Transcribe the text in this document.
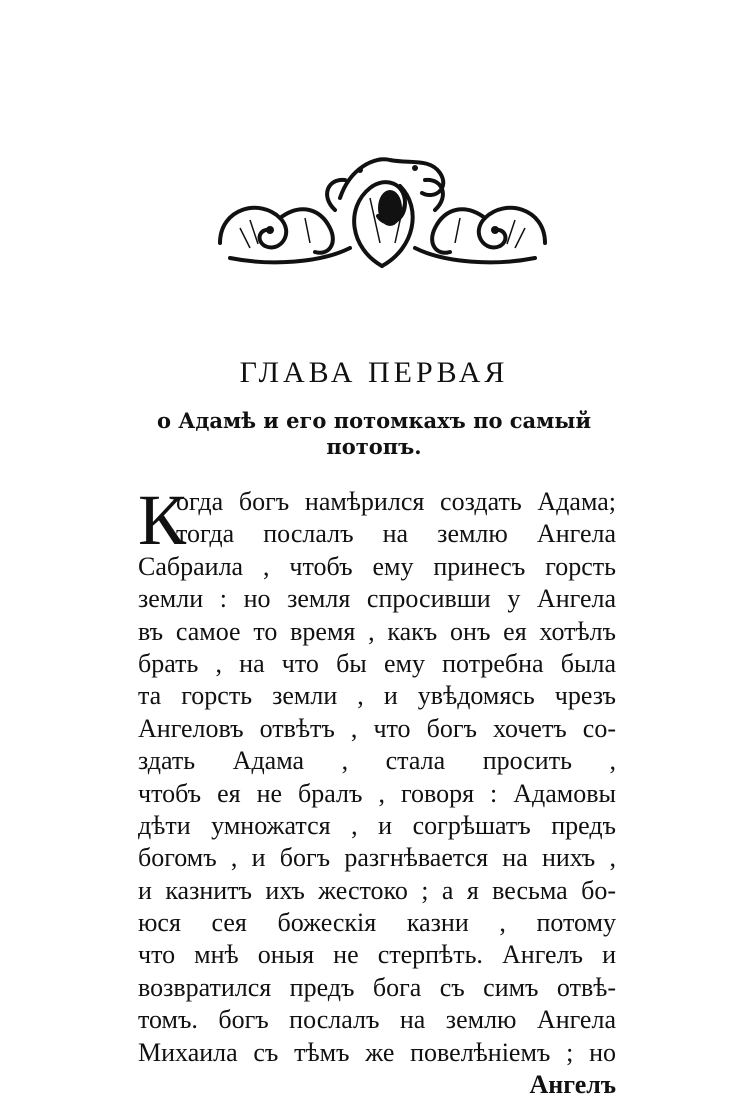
ГЛАВА ПЕРВАЯ
о Адамѣ и его потомкахъ по самый
потопъ.
К
огда богъ намѣрился создать Адама;
тогда послалъ на землю Ангела
Сабраила , чтобъ ему принесъ горсть
земли : но земля спросивши у Ангела
въ самое то время , какъ онъ ея хотѣлъ
брать , на что бы ему потребна была
та горсть земли , и увѣдомясь чрезъ
Ангеловъ отвѣтъ , что богъ хочетъ со-
здать Адама , стала просить ,
чтобъ ея не бралъ , говоря : Адамовы
дѣти умножатся , и согрѣшатъ предъ
богомъ , и богъ разгнѣвается на нихъ ,
и казнитъ ихъ жестоко ; а я весьма бо-
юся сея божескія казни , потому
что мнѣ оныя не стерпѣть. Ангелъ и
возвратился предъ бога съ симъ отвѣ-
томъ. богъ послалъ на землю Ангела
Михаила съ тѣмъ же повелѣніемъ ; но
Ангелъ
